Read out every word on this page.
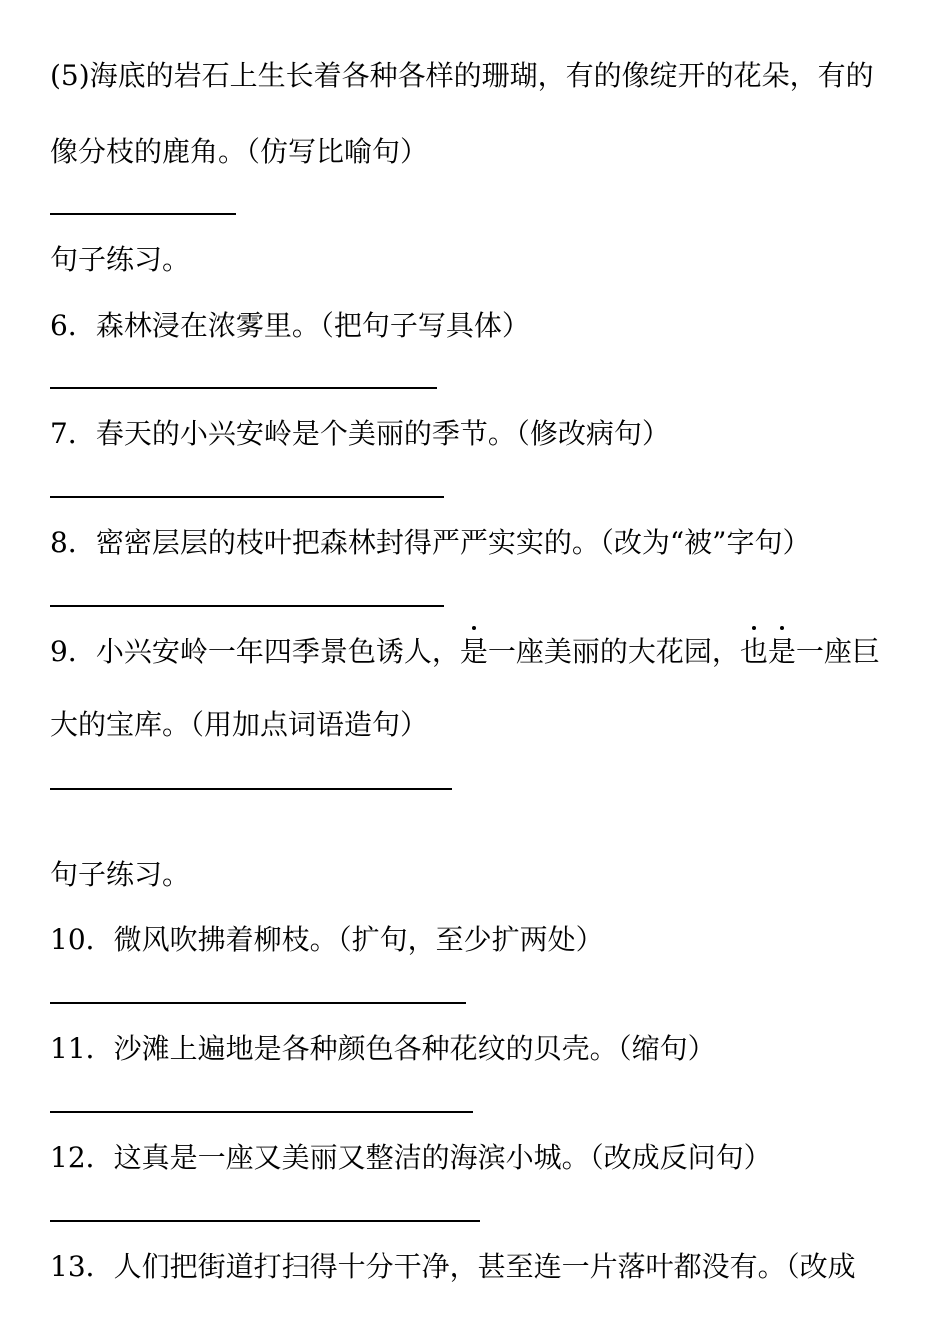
(5)海底的岩石上生长着各种各样的珊瑚，有的像绽开的花朵，有的
像分枝的鹿角。（仿写比喻句）
句子练习。
6．森林浸在浓雾里。（把句子写具体）
7．春天的小兴安岭是个美丽的季节。（修改病句）
8．密密层层的枝叶把森林封得严严实实的。（改为“被”字句）
9．小兴安岭一年四季景色诱人，是一座美丽的大花园，也是一座巨
大的宝库。（用加点词语造句）
句子练习。
10．微风吹拂着柳枝。（扩句，至少扩两处）
11．沙滩上遍地是各种颜色各种花纹的贝壳。（缩句）
12．这真是一座又美丽又整洁的海滨小城。（改成反问句）
13．人们把街道打扫得十分干净，甚至连一片落叶都没有。（改成
